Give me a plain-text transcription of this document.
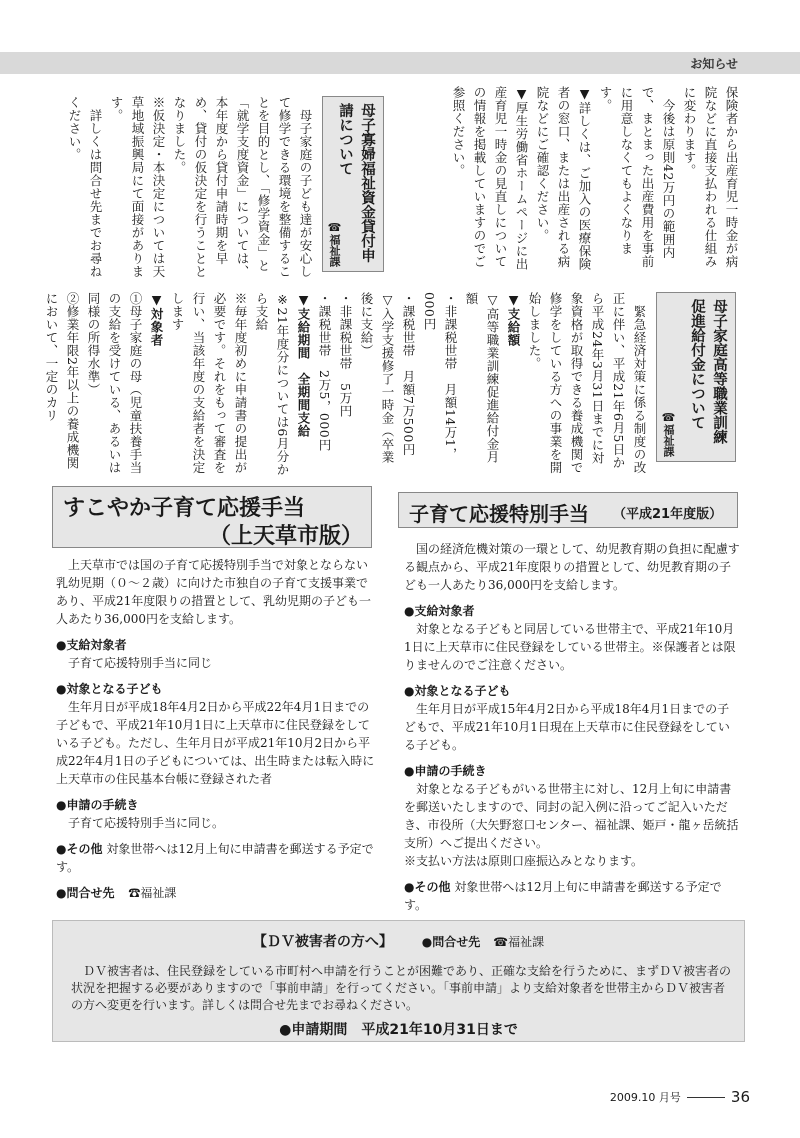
お知らせ

保険者から出産育児一時金が病院などに直接支払われる仕組みに変わります。

今後は原則42万円の範囲内で、まとまった出産費用を事前に用意しなくてもよくなります。

▼詳しくは、ご加入の医療保険者の窓口、または出産される病院などにご確認ください。

▼厚生労働省ホームページに出産育児一時金の見直しについての情報を掲載していますのでご参照ください。

母子寡婦福祉資金貸付申請について
☎福祉課

母子家庭の子ども達が安心して修学できる環境を整備することを目的とし、「修学資金」と「就学支度資金」については、本年度から貸付申請時期を早め、貸付の仮決定を行うこととなりました。

※仮決定・本決定については天草地域振興局にて面接があります。

詳しくは問合せ先までお尋ねください。

母子家庭高等職業訓練促進給付金について
☎福祉課

緊急経済対策に係る制度の改正に伴い、平成21年6月5日から平成24年3月31日までに対象資格が取得できる養成機関で修学をしている方への事業を開始しました。

▼支給額

▽高等職業訓練促進給付金月額

・非課税世帯　月額14万1，000円

・課税世帯　月額7万500円

▽入学支援修了一時金（卒業後に支給）

・非課税世帯　5万円

・課税世帯　2万5，000円

▼支給期間　全期間支給

※21年度分については6月分から支給

※毎年度初めに申請書の提出が必要です。それをもって審査を行い、当該年度の支給者を決定します

▼対象者

①母子家庭の母（児童扶養手当の支給を受けている、あるいは同様の所得水準）

②修業年限2年以上の養成機関において、一定のカリ

すこやか子育て応援手当
（上天草市版）
子育て応援特別手当 （平成21年度版）

上天草市では国の子育て応援特別手当で対象とならない乳幼児期（０～２歳）に向けた市独自の子育て支援事業であり、平成21年度限りの措置として、乳幼児期の子ども一人あたり36,000円を支給します。

●支給対象者

子育て応援特別手当に同じ

●対象となる子ども

生年月日が平成18年4月2日から平成22年4月1日までの子どもで、平成21年10月1日に上天草市に住民登録をしている子ども。ただし、生年月日が平成21年10月2日から平成22年4月1日の子どもについては、出生時または転入時に上天草市の住民基本台帳に登録された者

●申請の手続き

子育て応援特別手当に同じ。

●その他 対象世帯へは12月上旬に申請書を郵送する予定です。

●問合せ先 ☎福祉課

国の経済危機対策の一環として、幼児教育期の負担に配慮する観点から、平成21年度限りの措置として、幼児教育期の子ども一人あたり36,000円を支給します。

●支給対象者

対象となる子どもと同居している世帯主で、平成21年10月1日に上天草市に住民登録をしている世帯主。※保護者とは限りませんのでご注意ください。

●対象となる子ども

生年月日が平成15年4月2日から平成18年4月1日までの子どもで、平成21年10月1日現在上天草市に住民登録をしている子ども。

●申請の手続き

対象となる子どもがいる世帯主に対し、12月上旬に申請書を郵送いたしますので、同封の記入例に沿ってご記入いただき、市役所（大矢野窓口センター、福祉課、姫戸・龍ヶ岳統括支所）へご提出ください。

※支払い方法は原則口座振込みとなります。

●その他 対象世帯へは12月上旬に申請書を郵送する予定です。

【ＤＶ被害者の方へ】 ●問合せ先 ☎福祉課

ＤＶ被害者は、住民登録をしている市町村へ申請を行うことが困難であり、正確な支給を行うために、まずＤＶ被害者の状況を把握する必要がありますので「事前申請」を行ってください。「事前申請」より支給対象者を世帯主からＤＶ被害者の方へ変更を行います。詳しくは問合せ先までお尋ねください。

●申請期間　平成21年10月31日まで
2009.10 月号	36
